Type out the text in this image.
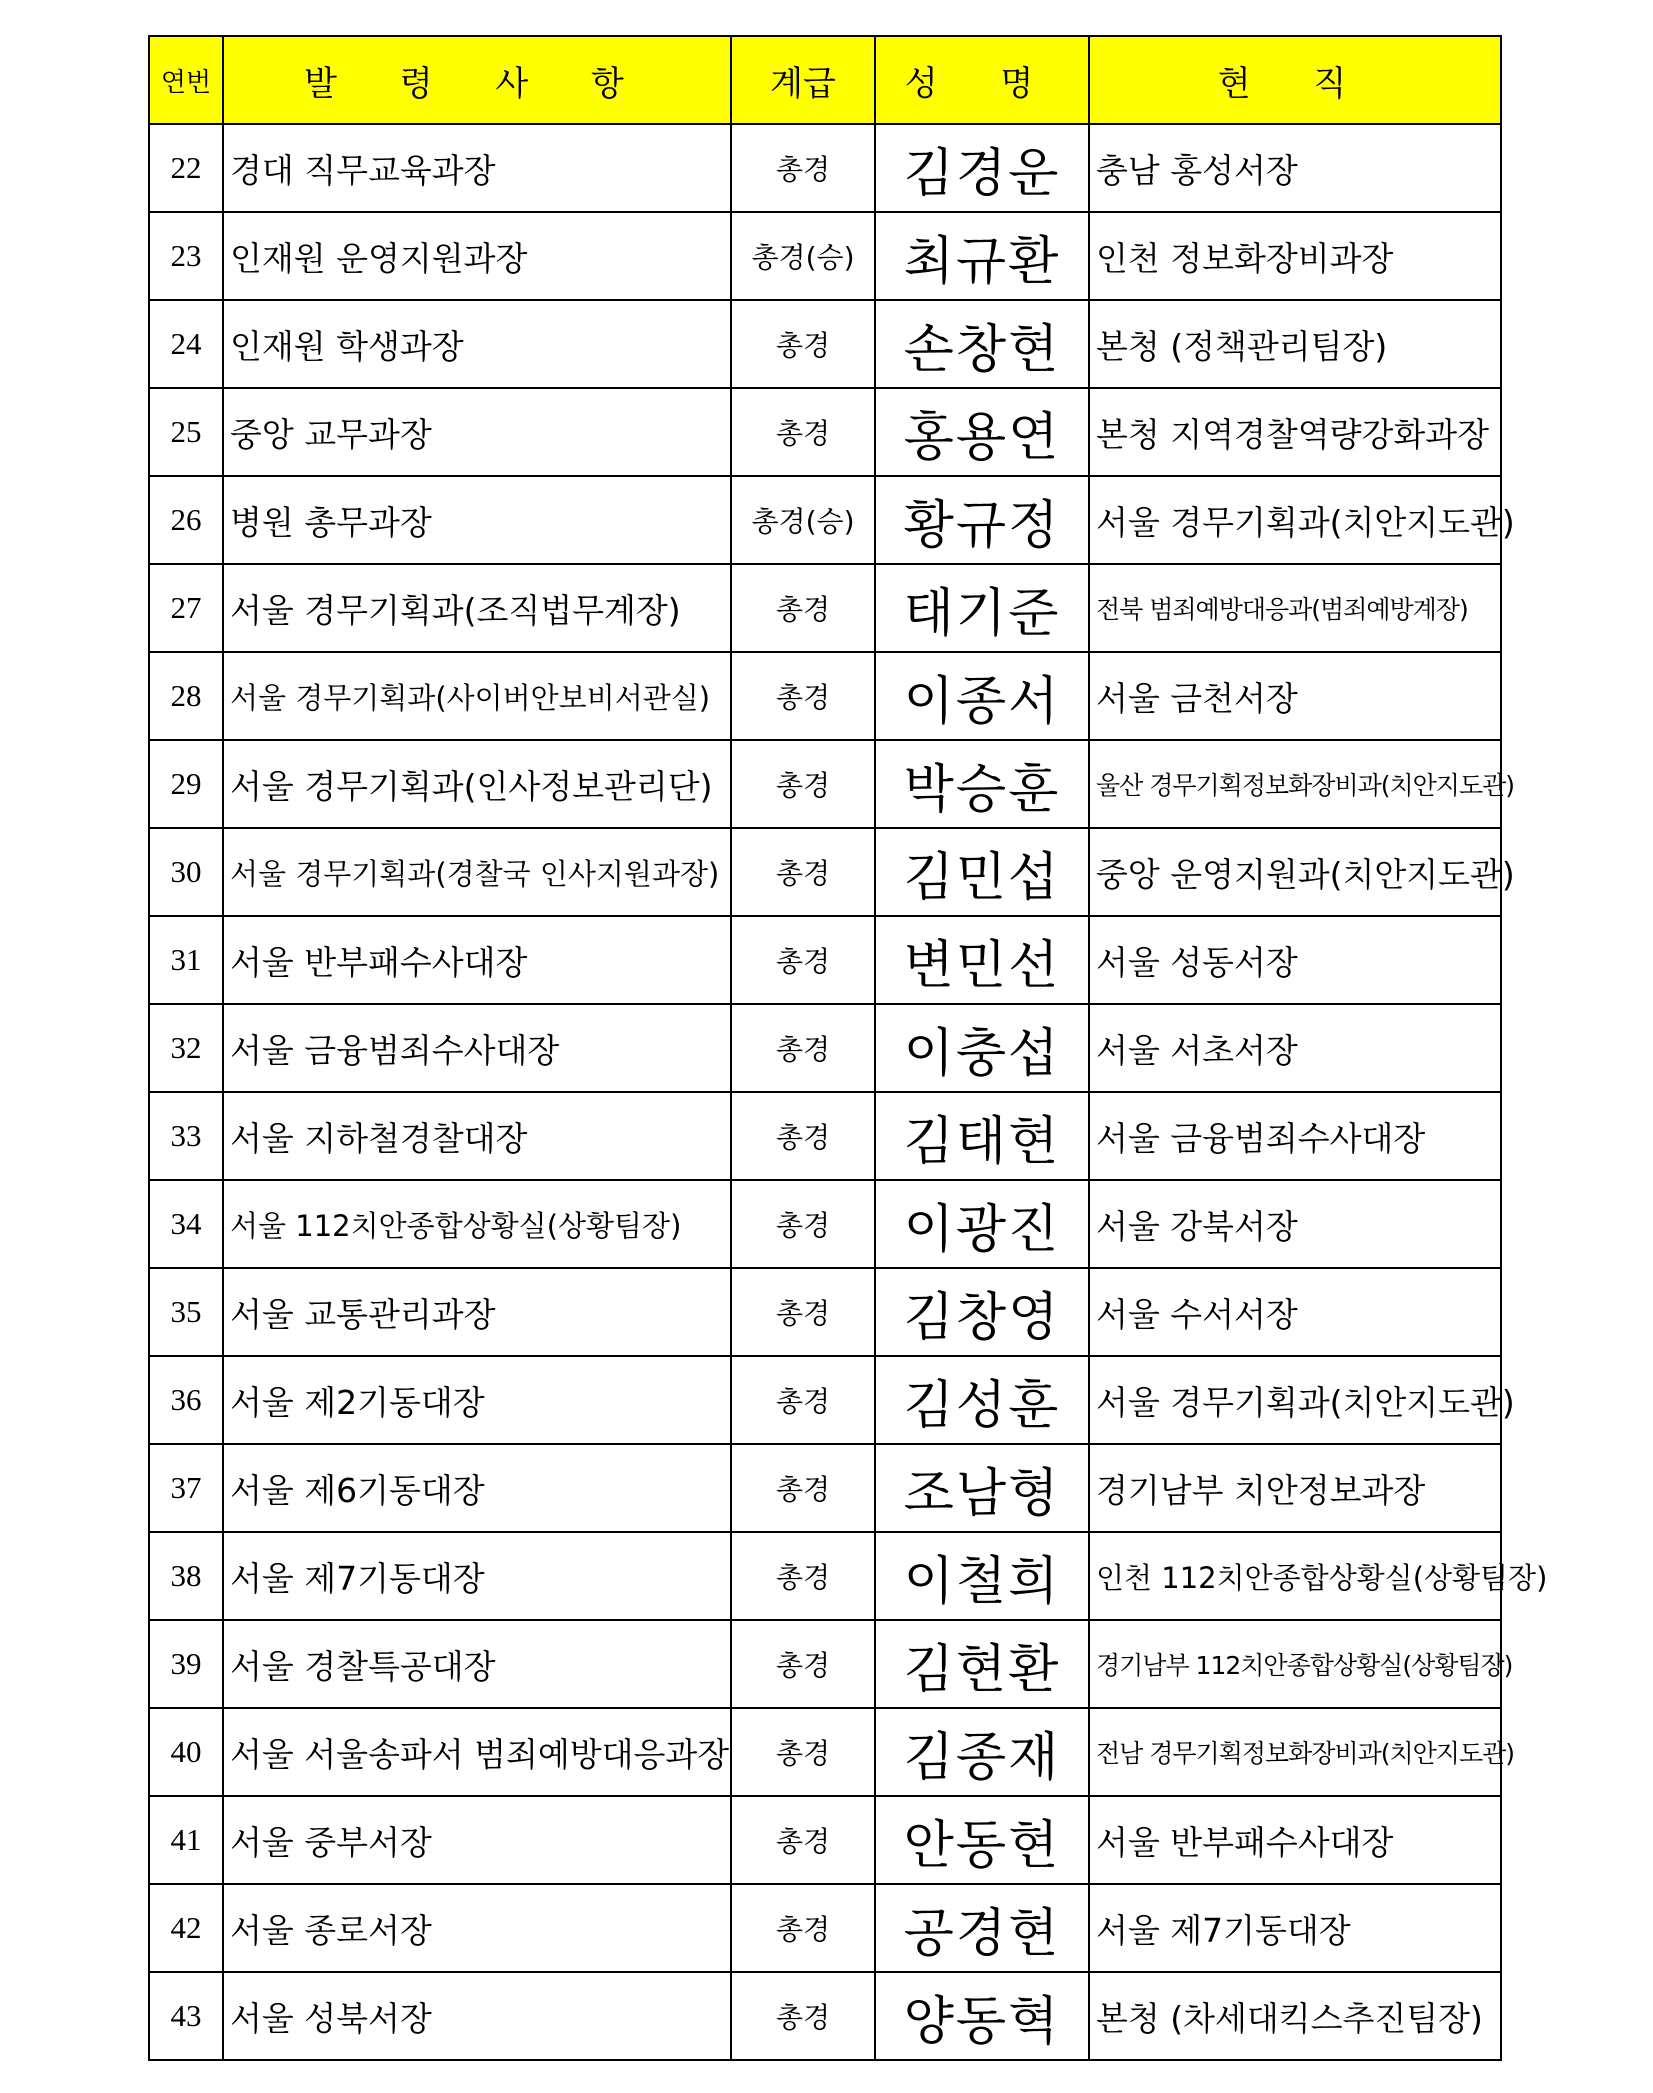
연번	발 령 사 항	계급	성 명	현 직
22	경대 직무교육과장	총경	김경운	충남 홍성서장
23	인재원 운영지원과장	총경(승)	최규환	인천 정보화장비과장
24	인재원 학생과장	총경	손창현	본청 (정책관리팀장)
25	중앙 교무과장	총경	홍용연	본청 지역경찰역량강화과장
26	병원 총무과장	총경(승)	황규정	서울 경무기획과(치안지도관)
27	서울 경무기획과(조직법무계장)	총경	태기준	전북 범죄예방대응과(범죄예방계장)
28	서울 경무기획과(사이버안보비서관실)	총경	이종서	서울 금천서장
29	서울 경무기획과(인사정보관리단)	총경	박승훈	울산 경무기획정보화장비과(치안지도관)
30	서울 경무기획과(경찰국 인사지원과장)	총경	김민섭	중앙 운영지원과(치안지도관)
31	서울 반부패수사대장	총경	변민선	서울 성동서장
32	서울 금융범죄수사대장	총경	이충섭	서울 서초서장
33	서울 지하철경찰대장	총경	김태현	서울 금융범죄수사대장
34	서울 112치안종합상황실(상황팀장)	총경	이광진	서울 강북서장
35	서울 교통관리과장	총경	김창영	서울 수서서장
36	서울 제2기동대장	총경	김성훈	서울 경무기획과(치안지도관)
37	서울 제6기동대장	총경	조남형	경기남부 치안정보과장
38	서울 제7기동대장	총경	이철희	인천 112치안종합상황실(상황팀장)
39	서울 경찰특공대장	총경	김현환	경기남부 112치안종합상황실(상황팀장)
40	서울 서울송파서 범죄예방대응과장	총경	김종재	전남 경무기획정보화장비과(치안지도관)
41	서울 중부서장	총경	안동현	서울 반부패수사대장
42	서울 종로서장	총경	공경현	서울 제7기동대장
43	서울 성북서장	총경	양동혁	본청 (차세대킥스추진팀장)
